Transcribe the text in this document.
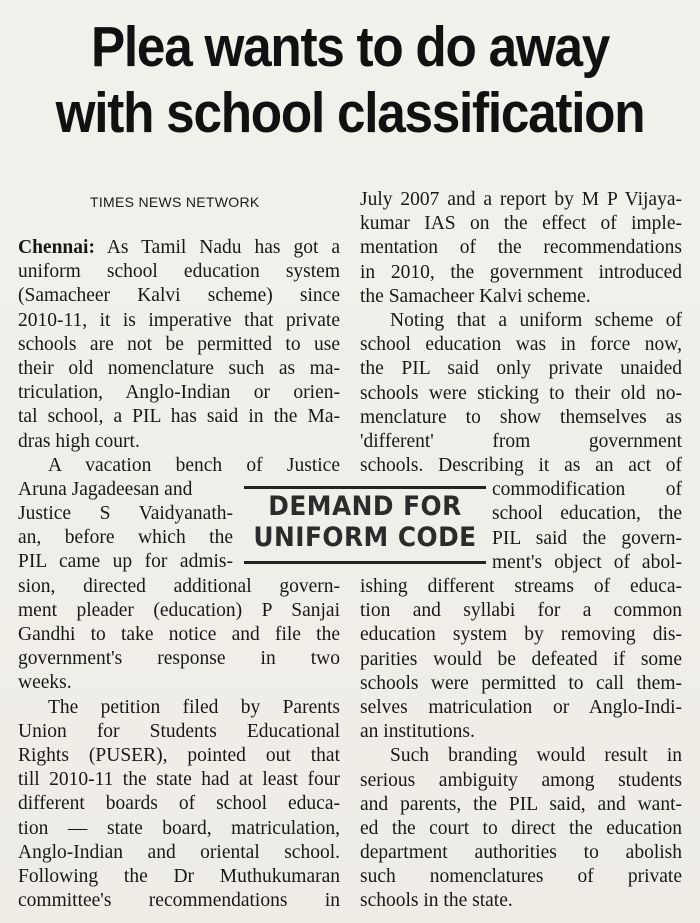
Plea wants to do away
with school classification
TIMES NEWS NETWORK
Chennai: As Tamil Nadu has got a
uniform school education system
(Samacheer Kalvi scheme) since
2010-11, it is imperative that private
schools are not be permitted to use
their old nomenclature such as ma-
triculation, Anglo-Indian or orien-
tal school, a PIL has said in the Ma-
dras high court.
A vacation bench of Justice
Aruna Jagadeesan and
Justice S Vaidyanath-
an, before which the
PIL came up for admis-
sion, directed additional govern-
ment pleader (education) P Sanjai
Gandhi to take notice and file the
government's response in two
weeks.
The petition filed by Parents
Union for Students Educational
Rights (PUSER), pointed out that
till 2010-11 the state had at least four
different boards of school educa-
tion — state board, matriculation,
Anglo-Indian and oriental school.
Following the Dr Muthukumaran
committee's recommendations in
July 2007 and a report by M P Vijaya-
kumar IAS on the effect of imple-
mentation of the recommendations
in 2010, the government introduced
the Samacheer Kalvi scheme.
Noting that a uniform scheme of
school education was in force now,
the PIL said only private unaided
schools were sticking to their old no-
menclature to show themselves as
'different' from government
schools. Describing it as an act of
commodification of
school education, the
PIL said the govern-
ment's object of abol-
ishing different streams of educa-
tion and syllabi for a common
education system by removing dis-
parities would be defeated if some
schools were permitted to call them-
selves matriculation or Anglo-Indi-
an institutions.
Such branding would result in
serious ambiguity among students
and parents, the PIL said, and want-
ed the court to direct the education
department authorities to abolish
such nomenclatures of private
schools in the state.
DEMAND FOR
UNIFORM CODE
